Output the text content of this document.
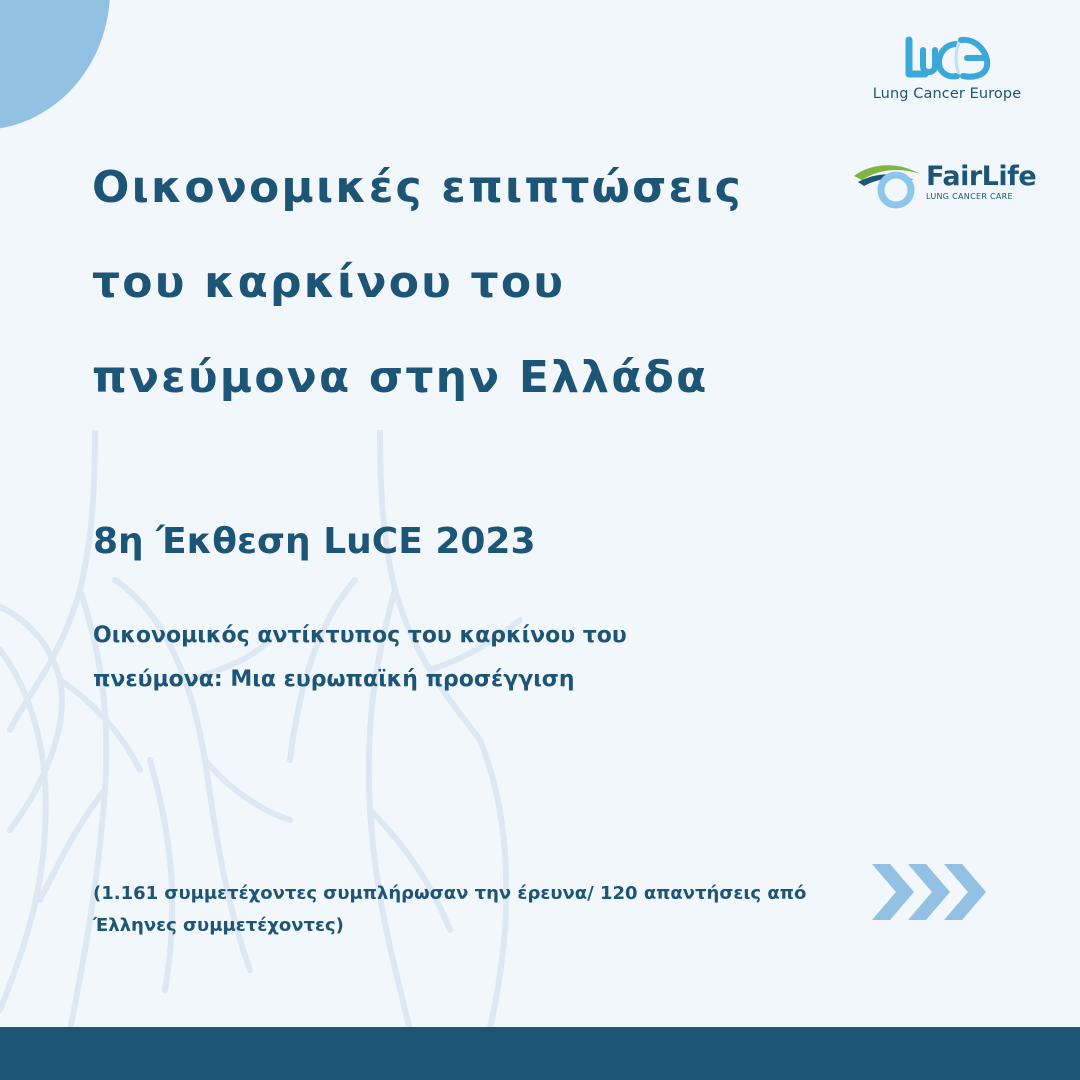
Lung Cancer Europe
FairLife
LUNG CANCER CARE
Οικονομικές επιπτώσεις του καρκίνου του πνεύμονα στην Ελλάδα
8η Έκθεση LuCE 2023

Οικονομικός αντίκτυπος του καρκίνου του πνεύμονα: Μια ευρωπαϊκή προσέγγιση

(1.161 συμμετέχοντες συμπλήρωσαν την έρευνα/ 120 απαντήσεις από Έλληνες συμμετέχοντες)
